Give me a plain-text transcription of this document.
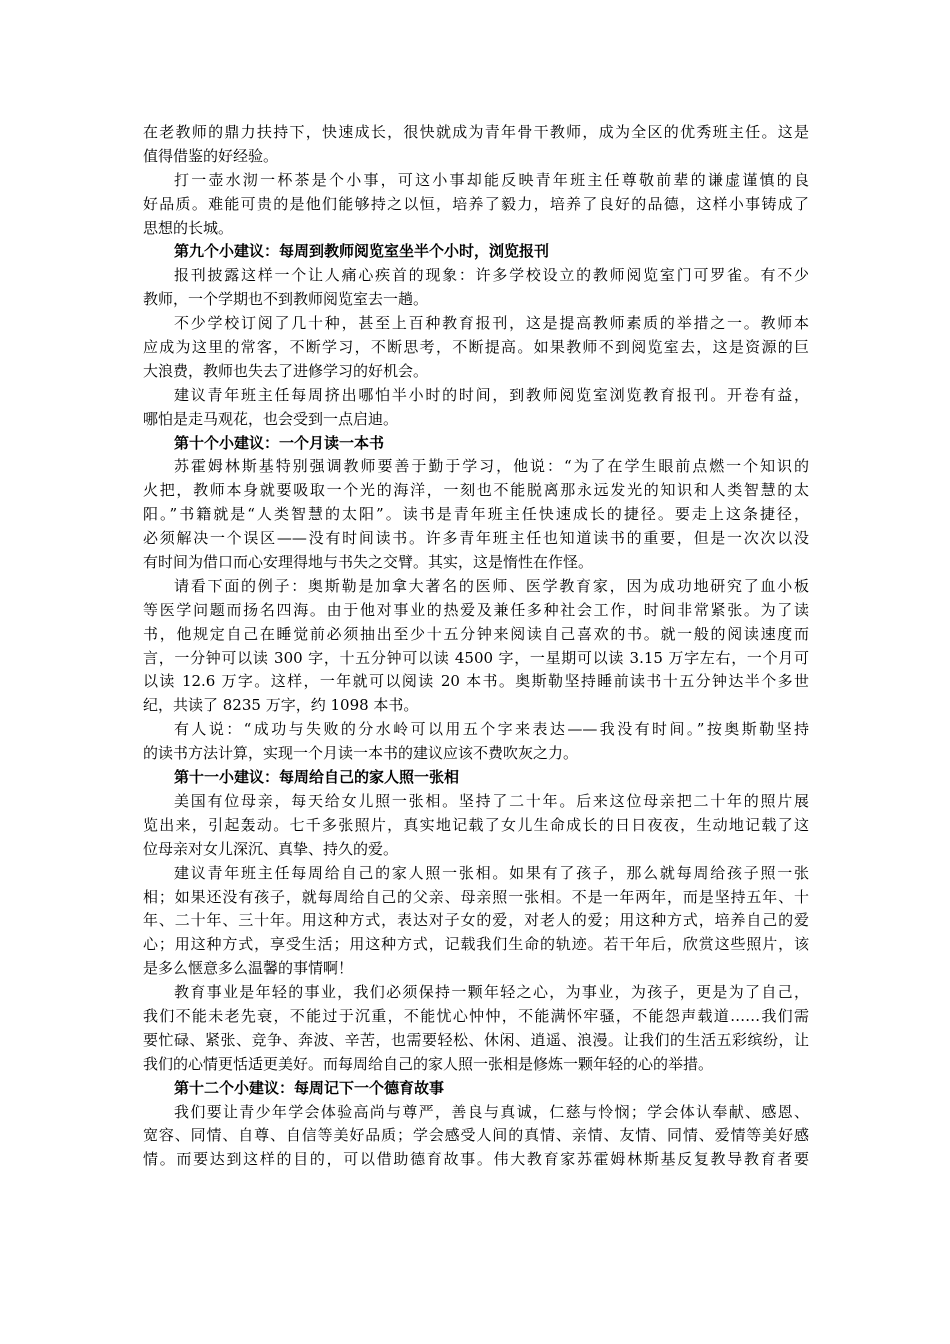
在老教师的鼎力扶持下，快速成长，很快就成为青年骨干教师，成为全区的优秀班主任。这是
值得借鉴的好经验。
打一壶水沏一杯茶是个小事，可这小事却能反映青年班主任尊敬前辈的谦虚谨慎的良
好品质。难能可贵的是他们能够持之以恒，培养了毅力，培养了良好的品德，这样小事铸成了
思想的长城。
第九个小建议：每周到教师阅览室坐半个小时，浏览报刊
报刊披露这样一个让人痛心疾首的现象：许多学校设立的教师阅览室门可罗雀。有不少
教师，一个学期也不到教师阅览室去一趟。
不少学校订阅了几十种，甚至上百种教育报刊，这是提高教师素质的举措之一。教师本
应成为这里的常客，不断学习，不断思考，不断提高。如果教师不到阅览室去，这是资源的巨
大浪费，教师也失去了进修学习的好机会。
建议青年班主任每周挤出哪怕半小时的时间，到教师阅览室浏览教育报刊。开卷有益，
哪怕是走马观花，也会受到一点启迪。
第十个小建议：一个月读一本书
苏霍姆林斯基特别强调教师要善于勤于学习，他说：“为了在学生眼前点燃一个知识的
火把，教师本身就要吸取一个光的海洋，一刻也不能脱离那永远发光的知识和人类智慧的太
阳。”书籍就是“人类智慧的太阳”。读书是青年班主任快速成长的捷径。要走上这条捷径，
必须解决一个误区——没有时间读书。许多青年班主任也知道读书的重要，但是一次次以没
有时间为借口而心安理得地与书失之交臂。其实，这是惰性在作怪。
请看下面的例子：奥斯勒是加拿大著名的医师、医学教育家，因为成功地研究了血小板
等医学问题而扬名四海。由于他对事业的热爱及兼任多种社会工作，时间非常紧张。为了读
书，他规定自己在睡觉前必须抽出至少十五分钟来阅读自己喜欢的书。就一般的阅读速度而
言，一分钟可以读 300 字，十五分钟可以读 4500 字，一星期可以读 3.15 万字左右，一个月可
以读 12.6 万字。这样，一年就可以阅读 20 本书。奥斯勒坚持睡前读书十五分钟达半个多世
纪，共读了 8235 万字，约 1098 本书。
有人说：“成功与失败的分水岭可以用五个字来表达——我没有时间。”按奥斯勒坚持
的读书方法计算，实现一个月读一本书的建议应该不费吹灰之力。
第十一小建议：每周给自己的家人照一张相
美国有位母亲，每天给女儿照一张相。坚持了二十年。后来这位母亲把二十年的照片展
览出来，引起轰动。七千多张照片，真实地记载了女儿生命成长的日日夜夜，生动地记载了这
位母亲对女儿深沉、真挚、持久的爱。
建议青年班主任每周给自己的家人照一张相。如果有了孩子，那么就每周给孩子照一张
相；如果还没有孩子，就每周给自己的父亲、母亲照一张相。不是一年两年，而是坚持五年、十
年、二十年、三十年。用这种方式，表达对子女的爱，对老人的爱；用这种方式，培养自己的爱
心；用这种方式，享受生活；用这种方式，记载我们生命的轨迹。若干年后，欣赏这些照片，该
是多么惬意多么温馨的事情啊！
教育事业是年轻的事业，我们必须保持一颗年轻之心，为事业，为孩子，更是为了自己，
我们不能未老先衰，不能过于沉重，不能忧心忡忡，不能满怀牢骚，不能怨声载道……我们需
要忙碌、紧张、竞争、奔波、辛苦，也需要轻松、休闲、逍遥、浪漫。让我们的生活五彩缤纷，让
我们的心情更恬适更美好。而每周给自己的家人照一张相是修炼一颗年轻的心的举措。
第十二个小建议：每周记下一个德育故事
我们要让青少年学会体验高尚与尊严，善良与真诚，仁慈与怜悯；学会体认奉献、感恩、
宽容、同情、自尊、自信等美好品质；学会感受人间的真情、亲情、友情、同情、爱情等美好感
情。而要达到这样的目的，可以借助德育故事。伟大教育家苏霍姆林斯基反复教导教育者要
